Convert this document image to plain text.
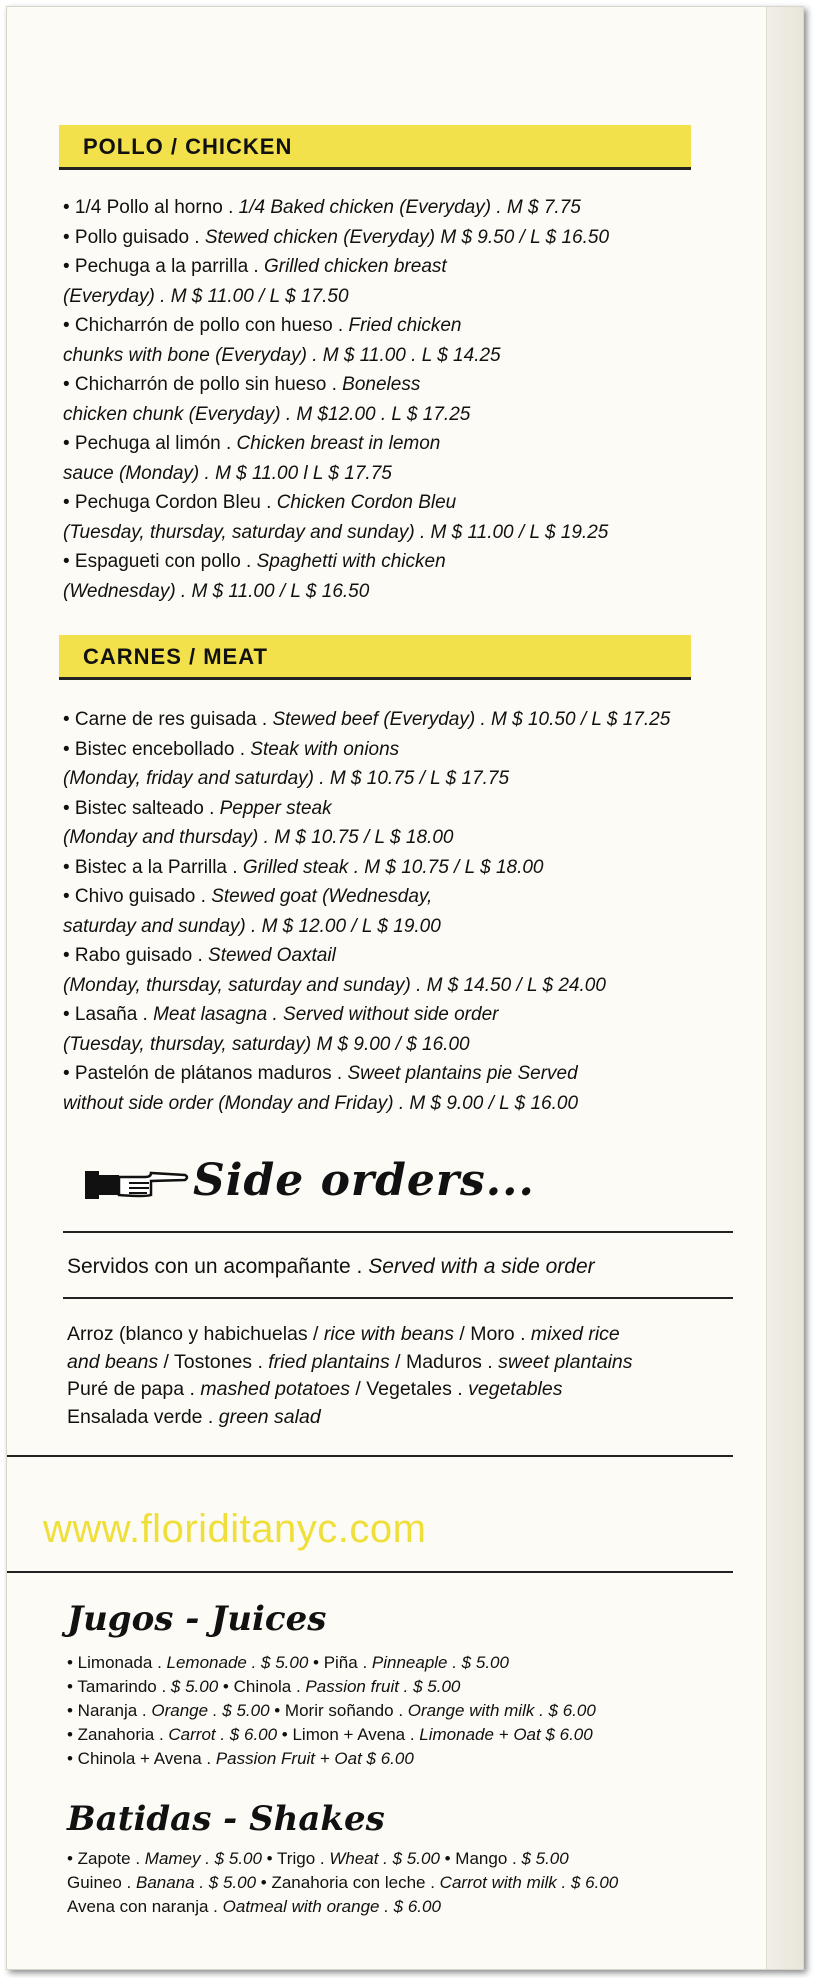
POLLO / CHICKEN

• 1/4 Pollo al horno . 1/4 Baked chicken (Everyday) . M $ 7.75

• Pollo guisado . Stewed chicken (Everyday) M $ 9.50 / L $ 16.50

• Pechuga a la parrilla . Grilled chicken breast

(Everyday) . M $ 11.00 / L $ 17.50

• Chicharrón de pollo con hueso . Fried chicken

chunks with bone (Everyday) . M $ 11.00 . L $ 14.25

• Chicharrón de pollo sin hueso . Boneless

chicken chunk (Everyday) . M $12.00 . L $ 17.25

• Pechuga al limón . Chicken breast in lemon

sauce (Monday) . M $ 11.00 l L $ 17.75

• Pechuga Cordon Bleu . Chicken Cordon Bleu

(Tuesday, thursday, saturday and sunday) . M $ 11.00 / L $ 19.25

• Espagueti con pollo . Spaghetti with chicken

(Wednesday) . M $ 11.00 / L $ 16.50

CARNES / MEAT

• Carne de res guisada . Stewed beef (Everyday) . M $ 10.50 / L $ 17.25

• Bistec encebollado . Steak with onions

(Monday, friday and saturday) . M $ 10.75 / L $ 17.75

• Bistec salteado . Pepper steak

(Monday and thursday) . M $ 10.75 / L $ 18.00

• Bistec a la Parrilla . Grilled steak . M $ 10.75 / L $ 18.00

• Chivo guisado . Stewed goat (Wednesday,

saturday and sunday) . M $ 12.00 / L $ 19.00

• Rabo guisado . Stewed Oaxtail

(Monday, thursday, saturday and sunday) . M $ 14.50 / L $ 24.00

• Lasaña . Meat lasagna . Served without side order

(Tuesday, thursday, saturday) M $ 9.00 / $ 16.00

• Pastelón de plátanos maduros . Sweet plantains pie Served

without side order (Monday and Friday) . M $ 9.00 / L $ 16.00

Side orders...
Servidos con un acompañante . Served with a side order

Arroz (blanco y habichuelas / rice with beans / Moro . mixed rice

and beans / Tostones . fried plantains / Maduros . sweet plantains

Puré de papa . mashed potatoes / Vegetales . vegetables

Ensalada verde . green salad

www.floriditanyc.com
Jugos - Juices

• Limonada . Lemonade . $ 5.00 • Piña . Pinneaple . $ 5.00

• Tamarindo . $ 5.00 • Chinola . Passion fruit . $ 5.00

• Naranja . Orange . $ 5.00 • Morir soñando . Orange with milk . $ 6.00

• Zanahoria . Carrot . $ 6.00 • Limon + Avena . Limonade + Oat $ 6.00

• Chinola + Avena . Passion Fruit + Oat $ 6.00

Batidas - Shakes

• Zapote . Mamey . $ 5.00 • Trigo . Wheat . $ 5.00 • Mango . $ 5.00

Guineo . Banana . $ 5.00 • Zanahoria con leche . Carrot with milk . $ 6.00

Avena con naranja . Oatmeal with orange . $ 6.00
